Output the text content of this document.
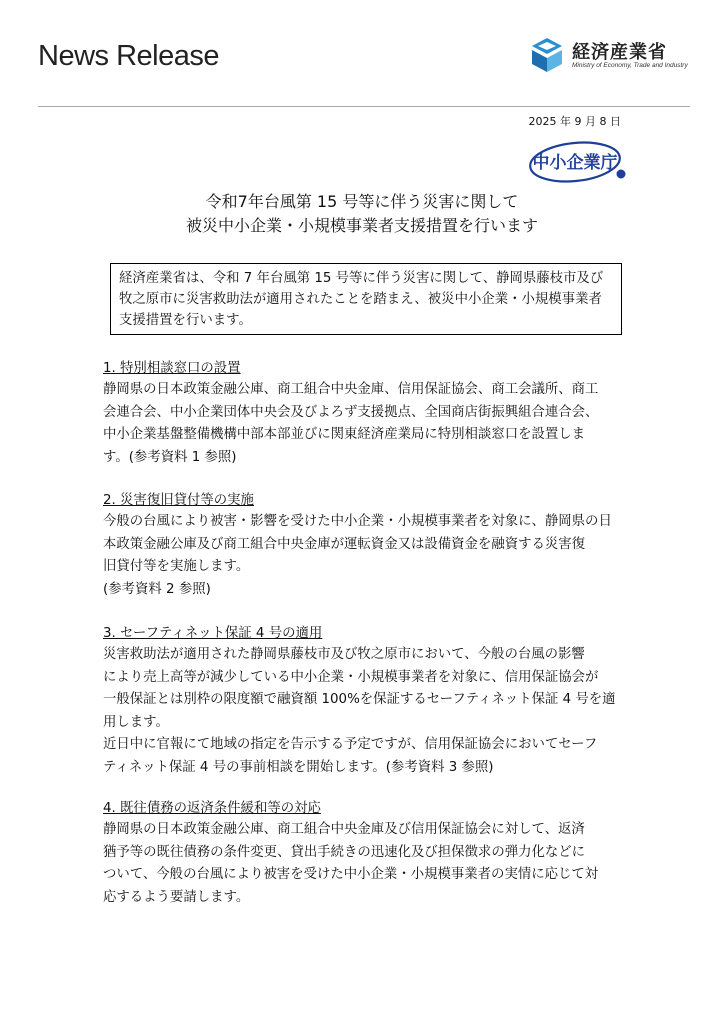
News Release	経済産業省
Ministry of Economy, Trade and Industry
2025 年 9 月 8 日
中小企業庁
令和7年台風第 15 号等に伴う災害に関して
被災中小企業・小規模事業者支援措置を行います
経済産業省は、令和 7 年台風第 15 号等に伴う災害に関して、静岡県藤枝市及び
牧之原市に災害救助法が適用されたことを踏まえ、被災中小企業・小規模事業者
支援措置を行います。
1. 特別相談窓口の設置
静岡県の日本政策金融公庫、商工組合中央金庫、信用保証協会、商工会議所、商工
会連合会、中小企業団体中央会及びよろず支援拠点、全国商店街振興組合連合会、
中小企業基盤整備機構中部本部並びに関東経済産業局に特別相談窓口を設置しま
す。(参考資料 1 参照)
2. 災害復旧貸付等の実施
今般の台風により被害・影響を受けた中小企業・小規模事業者を対象に、静岡県の日
本政策金融公庫及び商工組合中央金庫が運転資金又は設備資金を融資する災害復
旧貸付等を実施します。
(参考資料 2 参照)
3. セーフティネット保証 4 号の適用
災害救助法が適用された静岡県藤枝市及び牧之原市において、今般の台風の影響
により売上高等が減少している中小企業・小規模事業者を対象に、信用保証協会が
一般保証とは別枠の限度額で融資額 100%を保証するセーフティネット保証 4 号を適
用します。
近日中に官報にて地域の指定を告示する予定ですが、信用保証協会においてセーフ
ティネット保証 4 号の事前相談を開始します。(参考資料 3 参照)
4. 既往債務の返済条件緩和等の対応
静岡県の日本政策金融公庫、商工組合中央金庫及び信用保証協会に対して、返済
猶予等の既往債務の条件変更、貸出手続きの迅速化及び担保徴求の弾力化などに
ついて、今般の台風により被害を受けた中小企業・小規模事業者の実情に応じて対
応するよう要請します。
